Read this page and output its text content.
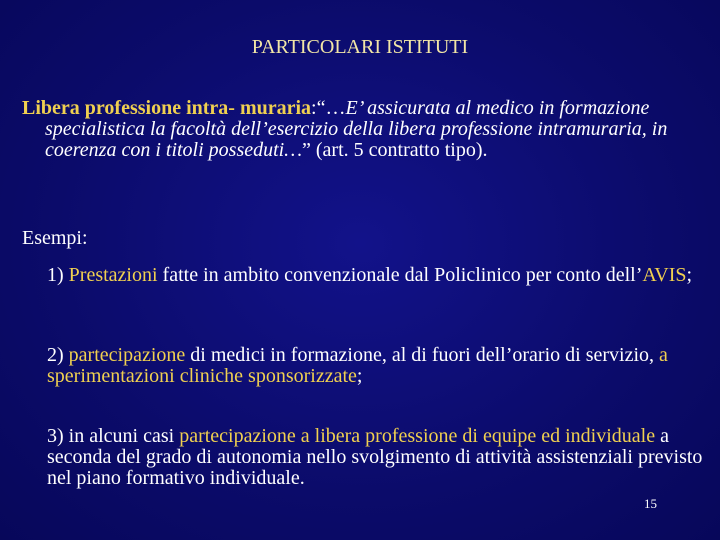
PARTICOLARI ISTITUTI
Libera professione intra- muraria:“…E’ assicurata al medico in formazione specialistica la facoltà dell’esercizio della libera professione intramuraria, in coerenza con i titoli posseduti…” (art. 5 contratto tipo).
Esempi:
1) Prestazioni fatte in ambito convenzionale dal Policlinico per conto dell’AVIS;
2) partecipazione di medici in formazione, al di fuori dell’orario di servizio, a sperimentazioni cliniche sponsorizzate;
3) in alcuni casi partecipazione a libera professione di equipe ed individuale a seconda del grado di autonomia nello svolgimento di attività assistenziali previsto nel piano formativo individuale.
15
